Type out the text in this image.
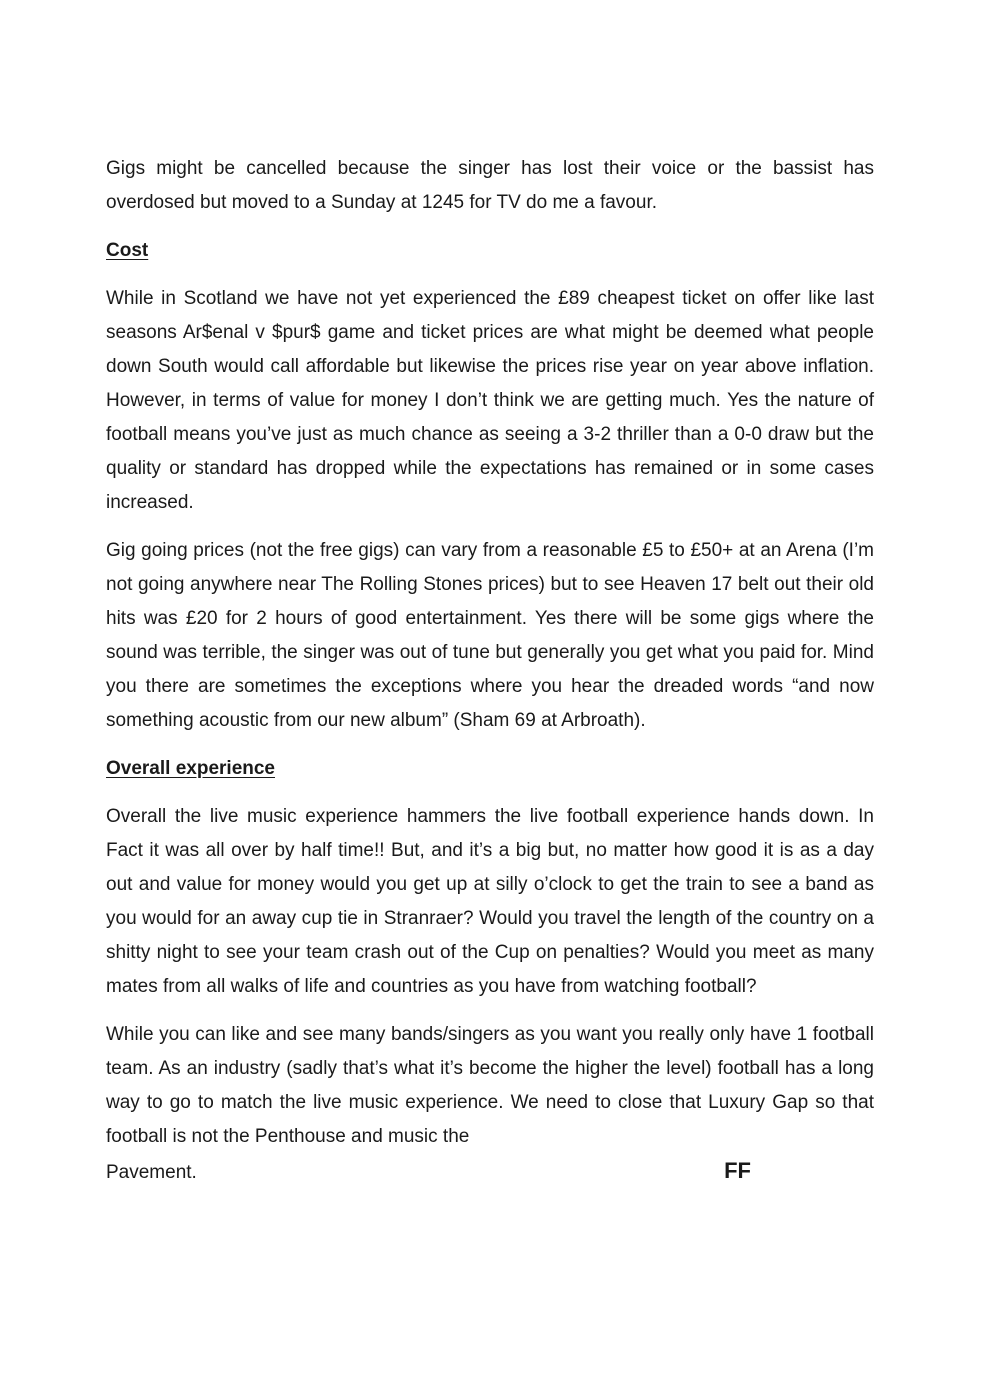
Gigs might be cancelled because the singer has lost their voice or the bassist has overdosed but moved to a Sunday at 1245 for TV do me a favour.

Cost

While in Scotland we have not yet experienced the £89 cheapest ticket on offer like last seasons Ar$enal v $pur$ game and ticket prices are what might be deemed what people down South would call affordable but likewise the prices rise year on year above inflation. However, in terms of value for money I don’t think we are getting much. Yes the nature of football means you’ve just as much chance as seeing a 3-2 thriller than a 0-0 draw but the quality or standard has dropped while the expectations has remained or in some cases increased.

Gig going prices (not the free gigs) can vary from a reasonable £5 to £50+ at an Arena (I’m not going anywhere near The Rolling Stones prices) but to see Heaven 17 belt out their old hits was £20 for 2 hours of good entertainment. Yes there will be some gigs where the sound was terrible, the singer was out of tune but generally you get what you paid for. Mind you there are sometimes the exceptions where you hear the dreaded words “and now something acoustic from our new album” (Sham 69 at Arbroath).

Overall experience

Overall the live music experience hammers the live football experience hands down. In Fact it was all over by half time!! But, and it’s a big but, no matter how good it is as a day out and value for money would you get up at silly o’clock to get the train to see a band as you would for an away cup tie in Stranraer? Would you travel the length of the country on a shitty night to see your team crash out of the Cup on penalties? Would you meet as many mates from all walks of life and countries as you have from watching football?

While you can like and see many bands/singers as you want you really only have 1 football team. As an industry (sadly that’s what it’s become the higher the level) football has a long way to go to match the live music experience. We need to close that Luxury Gap so that football is not the Penthouse and music the

Pavement.	FF
